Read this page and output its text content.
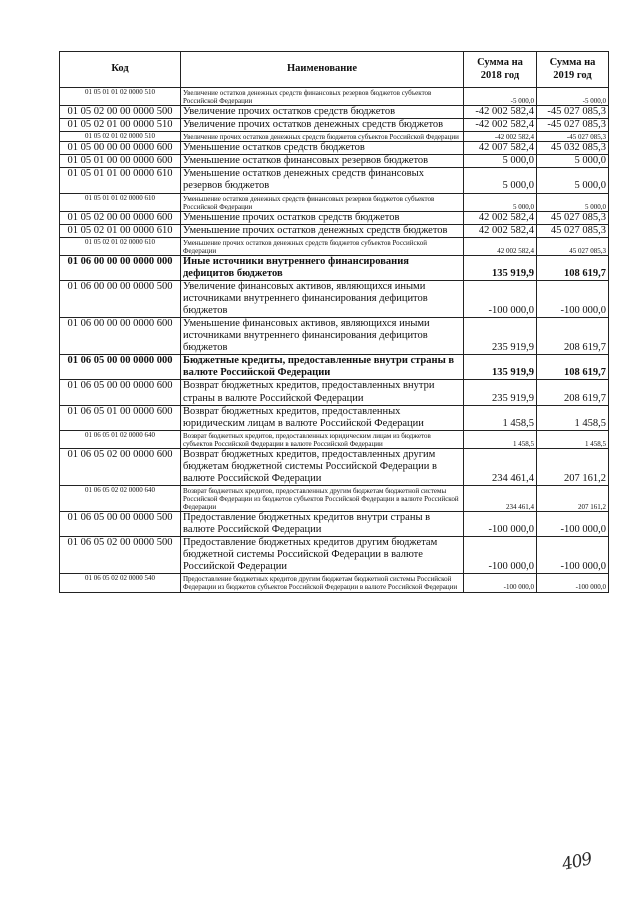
Код	Наименование	Сумма на 2018 год	Сумма на 2019 год
01 05 01 01 02 0000 510	Увеличение остатков денежных средств финансовых резервов бюджетов субъектов Российской Федерации	-5 000,0	-5 000,0
01 05 02 00 00 0000 500	Увеличение прочих остатков средств бюджетов	-42 002 582,4	-45 027 085,3
01 05 02 01 00 0000 510	Увеличение прочих остатков денежных средств бюджетов	-42 002 582,4	-45 027 085,3
01 05 02 01 02 0000 510	Увеличение прочих остатков денежных средств бюджетов субъектов Российской Федерации	-42 002 582,4	-45 027 085,3
01 05 00 00 00 0000 600	Уменьшение остатков средств бюджетов	42 007 582,4	45 032 085,3
01 05 01 00 00 0000 600	Уменьшение остатков финансовых резервов бюджетов	5 000,0	5 000,0
01 05 01 01 00 0000 610	Уменьшение остатков денежных средств финансовых резервов бюджетов	5 000,0	5 000,0
01 05 01 01 02 0000 610	Уменьшение остатков денежных средств финансовых резервов бюджетов субъектов Российской Федерации	5 000,0	5 000,0
01 05 02 00 00 0000 600	Уменьшение прочих остатков средств бюджетов	42 002 582,4	45 027 085,3
01 05 02 01 00 0000 610	Уменьшение прочих остатков денежных средств бюджетов	42 002 582,4	45 027 085,3
01 05 02 01 02 0000 610	Уменьшение прочих остатков денежных средств бюджетов субъектов Российской Федерации	42 002 582,4	45 027 085,3
01 06 00 00 00 0000 000	Иные источники внутреннего финансирования дефицитов бюджетов	135 919,9	108 619,7
01 06 00 00 00 0000 500	Увеличение финансовых активов, являющихся иными источниками внутреннего финансирования дефицитов бюджетов	-100 000,0	-100 000,0
01 06 00 00 00 0000 600	Уменьшение финансовых активов, являющихся иными источниками внутреннего финансирования дефицитов бюджетов	235 919,9	208 619,7
01 06 05 00 00 0000 000	Бюджетные кредиты, предоставленные внутри страны в валюте Российской Федерации	135 919,9	108 619,7
01 06 05 00 00 0000 600	Возврат бюджетных кредитов, предоставленных внутри страны в валюте Российской Федерации	235 919,9	208 619,7
01 06 05 01 00 0000 600	Возврат бюджетных кредитов, предоставленных юридическим лицам в валюте Российской Федерации	1 458,5	1 458,5
01 06 05 01 02 0000 640	Возврат бюджетных кредитов, предоставленных юридическим лицам из бюджетов субъектов Российской Федерации в валюте Российской Федерации	1 458,5	1 458,5
01 06 05 02 00 0000 600	Возврат бюджетных кредитов, предоставленных другим бюджетам бюджетной системы Российской Федерации в валюте Российской Федерации	234 461,4	207 161,2
01 06 05 02 02 0000 640	Возврат бюджетных кредитов, предоставленных другим бюджетам бюджетной системы Российской Федерации из бюджетов субъектов Российской Федерации в валюте Российской Федерации	234 461,4	207 161,2
01 06 05 00 00 0000 500	Предоставление бюджетных кредитов внутри страны в валюте Российской Федерации	-100 000,0	-100 000,0
01 06 05 02 00 0000 500	Предоставление бюджетных кредитов другим бюджетам бюджетной системы Российской Федерации в валюте Российской Федерации	-100 000,0	-100 000,0
01 06 05 02 02 0000 540	Предоставление бюджетных кредитов другим бюджетам бюджетной системы Российской Федерации из бюджетов субъектов Российской Федерации в валюте Российской Федерации	-100 000,0	-100 000,0
409
